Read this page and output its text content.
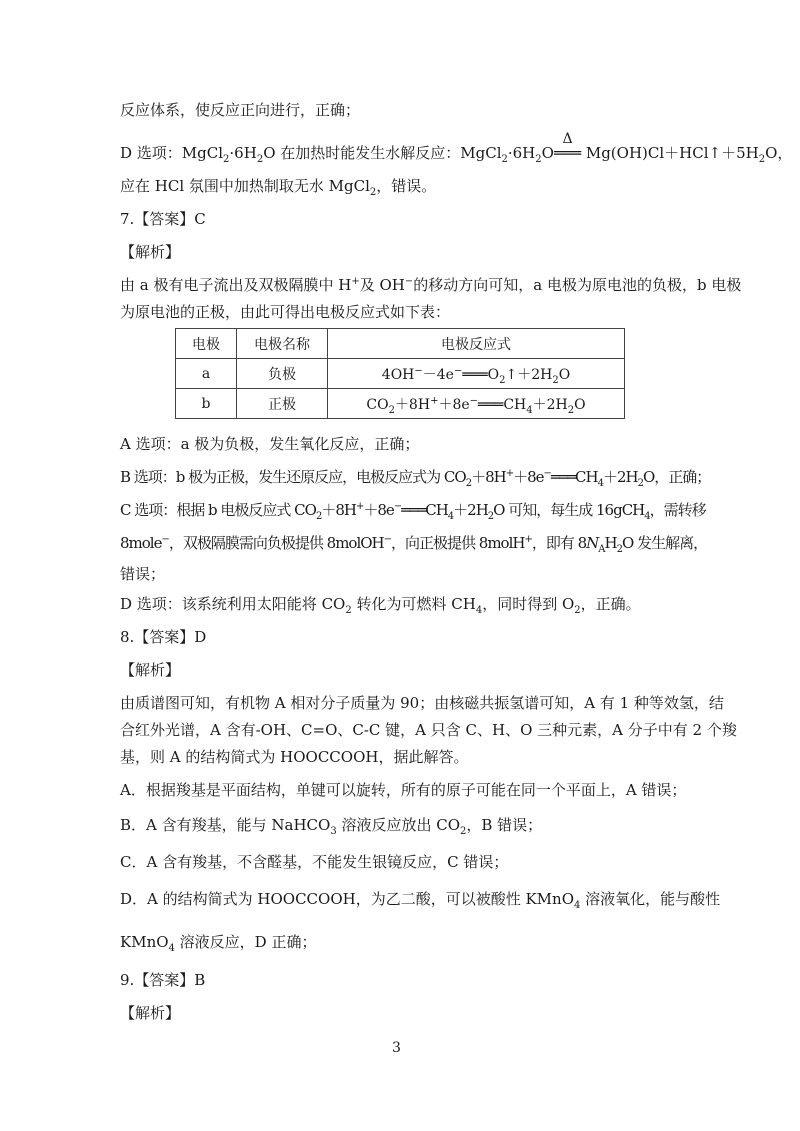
反应体系，使反应正向进行，正确；
D 选项：$MgCl_2\cdot 6H_2O$ 在加热时能发生水解反应：$MgCl_2\cdot 6H_2O$
Δ
═══ $Mg(OH)Cl+HCl↑+5H_2O$，
应在 HCl 氛围中加热制取无水 MgCl$_2$，错误。
7.【答案】C
【解析】
由 a 极有电子流出及双极隔膜中 H+及 OH−的移动方向可知，a 电极为原电池的负极，b 电极
为原电池的正极，由此可得出电极反应式如下表：
电极	电极名称	电极反应式
a	负极	$4OH^--4e^-═══O_2↑+2H_2O$
b	正极	$CO_2+8H^++8e^-═══CH_4+2H_2O$
A 选项：a 极为负极，发生氧化反应，正确；
B 选项：b 极为正极，发生还原反应，电极反应式为 $CO_2+8H^++8e^-═══CH_4+2H_2O$，正确；
C 选项：根据 b 电极反应式 $CO_2+8H^++8e^-═══CH_4+2H_2O$ 可知，每生成 16gCH$_4$，需转移
8mole−，双极隔膜需向负极提供 8molOH−，向正极提供 8molH+，即有 $8N_AH_2O$ 发生解离，
错误；
D 选项：该系统利用太阳能将 $CO_2$ 转化为可燃料 $CH_4$，同时得到 $O_2$，正确。
8.【答案】D
【解析】
由质谱图可知，有机物 A 相对分子质量为 90；由核磁共振氢谱可知，A 有 1 种等效氢，结
合红外光谱，A 含有-OH、C=O、C-C 键，A 只含 C、H、O 三种元素，A 分子中有 2 个羧
基，则 A 的结构简式为 HOOCCOOH，据此解答。
A．根据羧基是平面结构，单键可以旋转，所有的原子可能在同一个平面上，A 错误；
B．A 含有羧基，能与 NaHCO$_3$ 溶液反应放出 $CO_2$，B 错误；
C．A 含有羧基，不含醛基，不能发生银镜反应，C 错误；
D．A 的结构简式为 HOOCCOOH，为乙二酸，可以被酸性 KMnO$_4$ 溶液氧化，能与酸性
KMnO$_4$ 溶液反应，D 正确；
9.【答案】B
【解析】
3
